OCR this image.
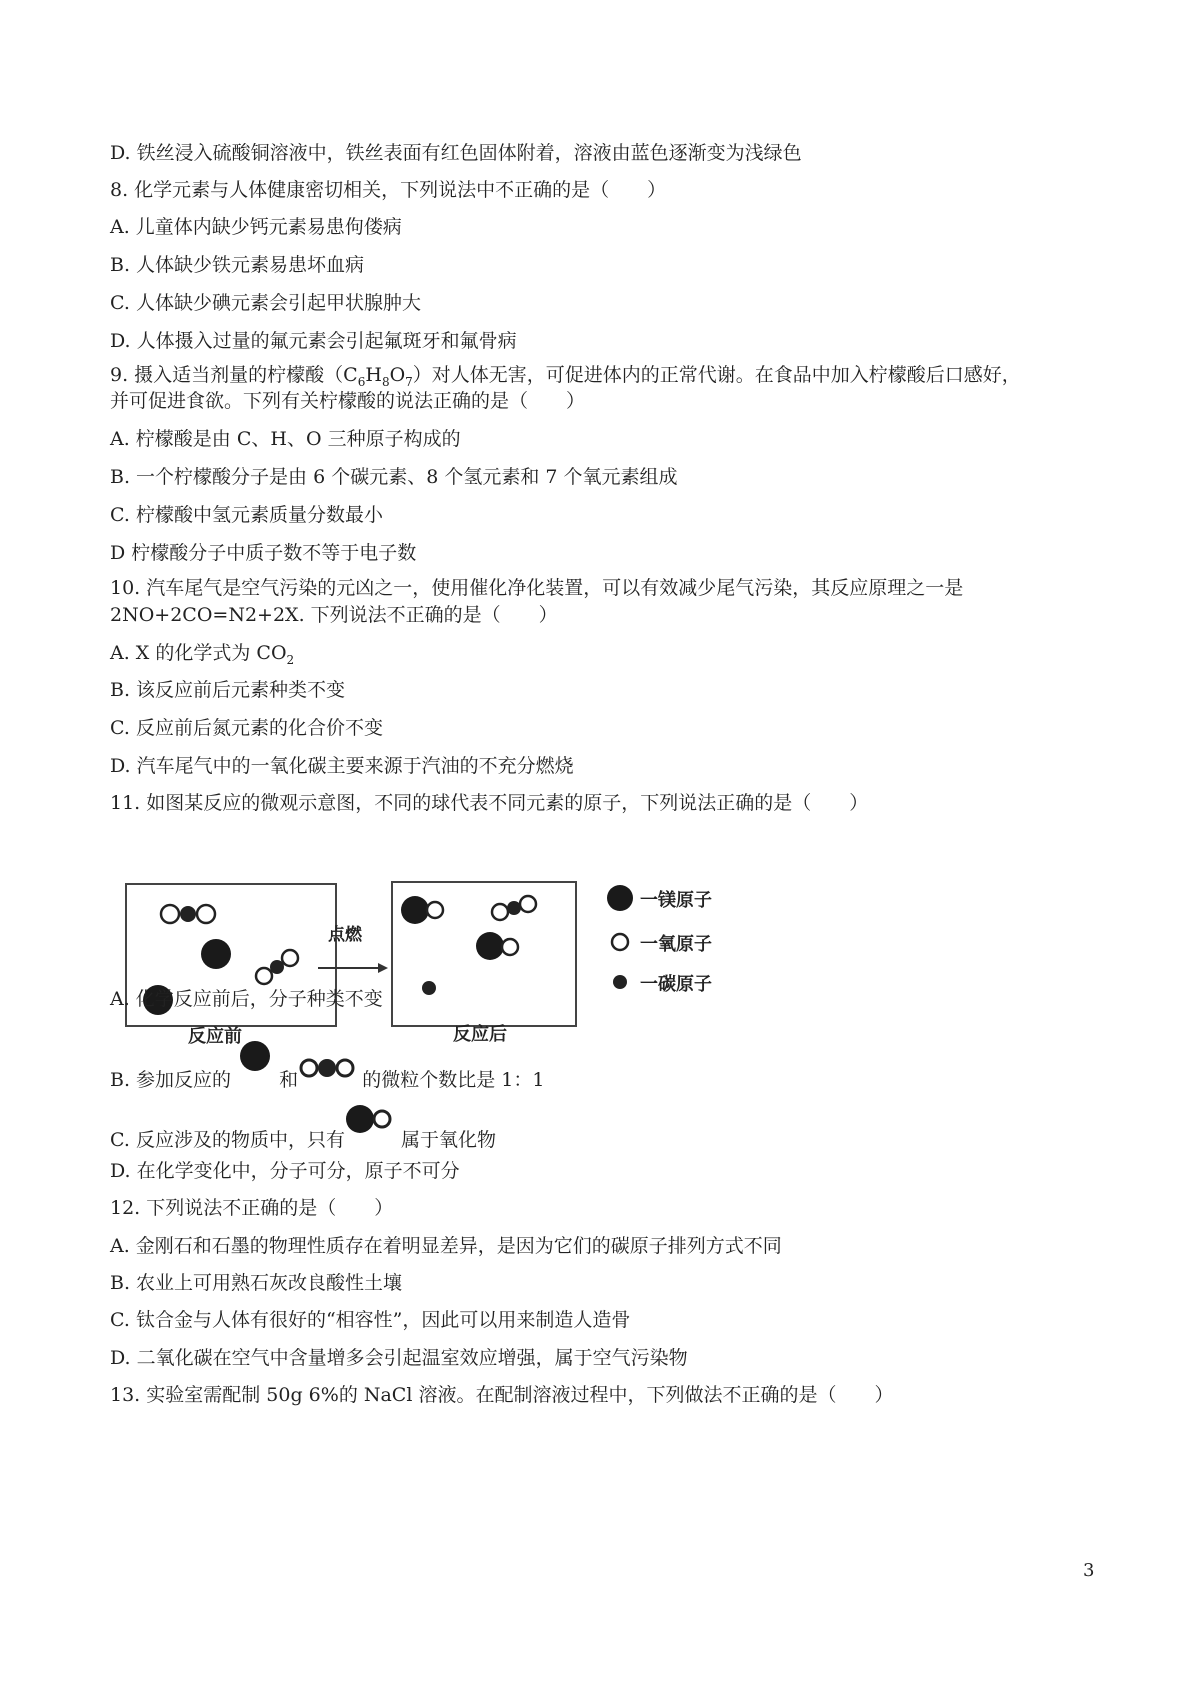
D. 铁丝浸入硫酸铜溶液中，铁丝表面有红色固体附着，溶液由蓝色逐渐变为浅绿色
8. 化学元素与人体健康密切相关，下列说法中不正确的是（　　）
A. 儿童体内缺少钙元素易患佝偻病
B. 人体缺少铁元素易患坏血病
C. 人体缺少碘元素会引起甲状腺肿大
D. 人体摄入过量的氟元素会引起氟斑牙和氟骨病
9. 摄入适当剂量的柠檬酸$(C_6H_8O_7)$对人体无害，可促进体内的正常代谢。在食品中加入柠檬酸后口感好，
并可促进食欲。下列有关柠檬酸的说法正确的是（　　）
A. 柠檬酸是由 C、H、O 三种原子构成的
B. 一个柠檬酸分子是由 6 个碳元素、8 个氢元素和 7 个氧元素组成
C. 柠檬酸中氢元素质量分数最小
D 柠檬酸分子中质子数不等于电子数
10. 汽车尾气是空气污染的元凶之一，使用催化净化装置，可以有效减少尾气污染，其反应原理之一是
2NO+2CO=N2+2X. 下列说法不正确的是（　　）
A. X 的化学式为 $CO_2$
B. 该反应前后元素种类不变
C. 反应前后氮元素的化合价不变
D. 汽车尾气中的一氧化碳主要来源于汽油的不充分燃烧
11. 如图某反应的微观示意图，不同的球代表不同元素的原子，下列说法正确的是（　　）
点燃
反应前	反应后
一镁原子
一氧原子
一碳原子
A. 化学反应前后，分子种类不变
B. 参加反应的	和	的微粒个数比是 1：1
C. 反应涉及的物质中，只有	属于氧化物
D. 在化学变化中，分子可分，原子不可分
12. 下列说法不正确的是（　　）
A. 金刚石和石墨的物理性质存在着明显差异，是因为它们的碳原子排列方式不同
B. 农业上可用熟石灰改良酸性土壤
C. 钛合金与人体有很好的“相容性”，因此可以用来制造人造骨
D. 二氧化碳在空气中含量增多会引起温室效应增强，属于空气污染物
13. 实验室需配制 50g 6%的 NaCl 溶液。在配制溶液过程中，下列做法不正确的是（　　）
3
